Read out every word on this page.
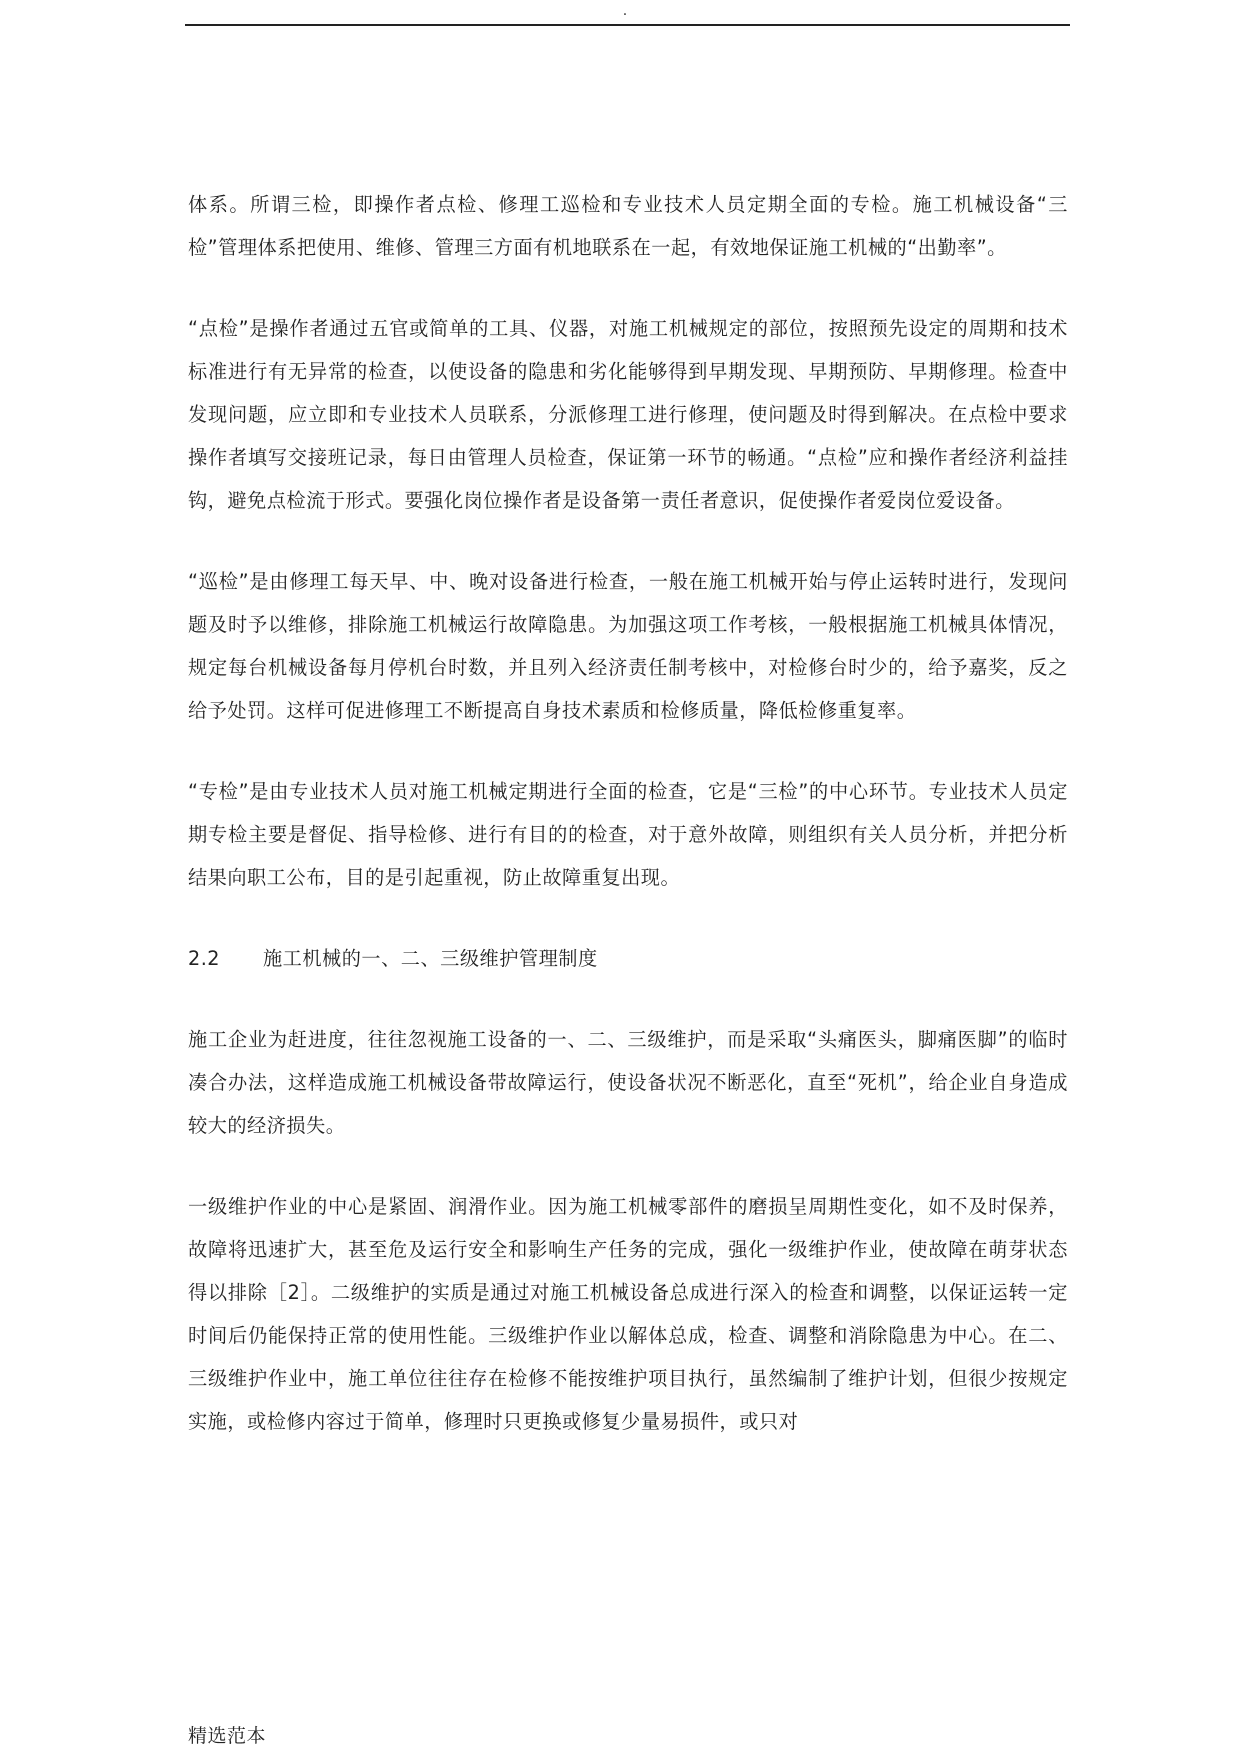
.

体系。所谓三检，即操作者点检、修理工巡检和专业技术人员定期全面的专检。施工机械设备“三检”管理体系把使用、维修、管理三方面有机地联系在一起，有效地保证施工机械的“出勤率”。

“点检”是操作者通过五官或简单的工具、仪器，对施工机械规定的部位，按照预先设定的周期和技术标准进行有无异常的检查，以使设备的隐患和劣化能够得到早期发现、早期预防、早期修理。检查中发现问题，应立即和专业技术人员联系，分派修理工进行修理，使问题及时得到解决。在点检中要求操作者填写交接班记录，每日由管理人员检查，保证第一环节的畅通。“点检”应和操作者经济利益挂钩，避免点检流于形式。要强化岗位操作者是设备第一责任者意识，促使操作者爱岗位爱设备。

“巡检”是由修理工每天早、中、晚对设备进行检查，一般在施工机械开始与停止运转时进行，发现问题及时予以维修，排除施工机械运行故障隐患。为加强这项工作考核，一般根据施工机械具体情况，规定每台机械设备每月停机台时数，并且列入经济责任制考核中，对检修台时少的，给予嘉奖，反之给予处罚。这样可促进修理工不断提高自身技术素质和检修质量，降低检修重复率。

“专检”是由专业技术人员对施工机械定期进行全面的检查，它是“三检”的中心环节。专业技术人员定期专检主要是督促、指导检修、进行有目的的检查，对于意外故障，则组织有关人员分析，并把分析结果向职工公布，目的是引起重视，防止故障重复出现。

2.2 施工机械的一、二、三级维护管理制度

施工企业为赶进度，往往忽视施工设备的一、二、三级维护，而是采取“头痛医头，脚痛医脚”的临时凑合办法，这样造成施工机械设备带故障运行，使设备状况不断恶化，直至“死机”，给企业自身造成较大的经济损失。

一级维护作业的中心是紧固、润滑作业。因为施工机械零部件的磨损呈周期性变化，如不及时保养，故障将迅速扩大，甚至危及运行安全和影响生产任务的完成，强化一级维护作业，使故障在萌芽状态得以排除［2］。二级维护的实质是通过对施工机械设备总成进行深入的检查和调整，以保证运转一定时间后仍能保持正常的使用性能。三级维护作业以解体总成，检查、调整和消除隐患为中心。在二、三级维护作业中，施工单位往往存在检修不能按维护项目执行，虽然编制了维护计划，但很少按规定实施，或检修内容过于简单，修理时只更换或修复少量易损件，或只对

精选范本
